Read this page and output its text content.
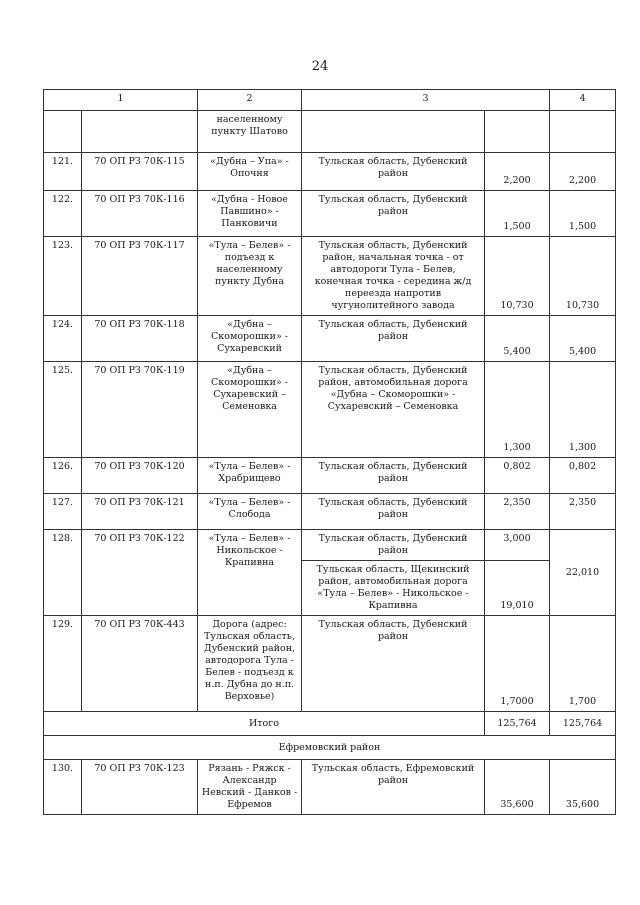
24
1		2	3		4
		населенному пункту Шатово			
121.	70 ОП РЗ 70К-115	«Дубна – Упа» - Опочня	Тульская область, Дубенский район	2,200	2,200
122.	70 ОП РЗ 70К-116	«Дубна - Новое Павшино» - Панковичи	Тульская область, Дубенский район	1,500	1,500
123.	70 ОП РЗ 70К-117	«Тула – Белев» - подъезд к населенному пункту Дубна	Тульская область, Дубенский район, начальная точка - от автодороги Тула - Белев, конечная точка - середина ж/д переезда напротив чугунолитейного завода	10,730	10,730
124.	70 ОП РЗ 70К-118	«Дубна – Скоморошки» - Сухаревский	Тульская область, Дубенский район	5,400	5,400
125.	70 ОП РЗ 70К-119	«Дубна – Скоморошки» - Сухаревский – Семеновка	Тульская область, Дубенский район, автомобильная дорога «Дубна – Скоморошки» - Сухаревский – Семеновка	1,300	1,300
126.	70 ОП РЗ 70К-120	«Тула – Белев» - Храбрищево	Тульская область, Дубенский район	0,802	0,802
127.	70 ОП РЗ 70К-121	«Тула – Белев» - Слобода	Тульская область, Дубенский район	2,350	2,350
128.	70 ОП РЗ 70К-122	«Тула – Белев» - Никольское - Крапивна	Тульская область, Дубенский район	3,000	22,010
			Тульская область, Щекинский район, автомобильная дорога «Тула – Белев» - Никольское - Крапивна	19,010	
129.	70 ОП РЗ 70К-443	Дорога (адрес: Тульская область, Дубенский район, автодорога Тула - Белев - подъезд к н.п. Дубна до н.п. Верховье)	Тульская область, Дубенский район	1,7000	1,700
Итого				125,764	125,764
Ефремовский район					
130.	70 ОП РЗ 70К-123	Рязань - Ряжск - Александр Невский - Данков - Ефремов	Тульская область, Ефремовский район	35,600	35,600
